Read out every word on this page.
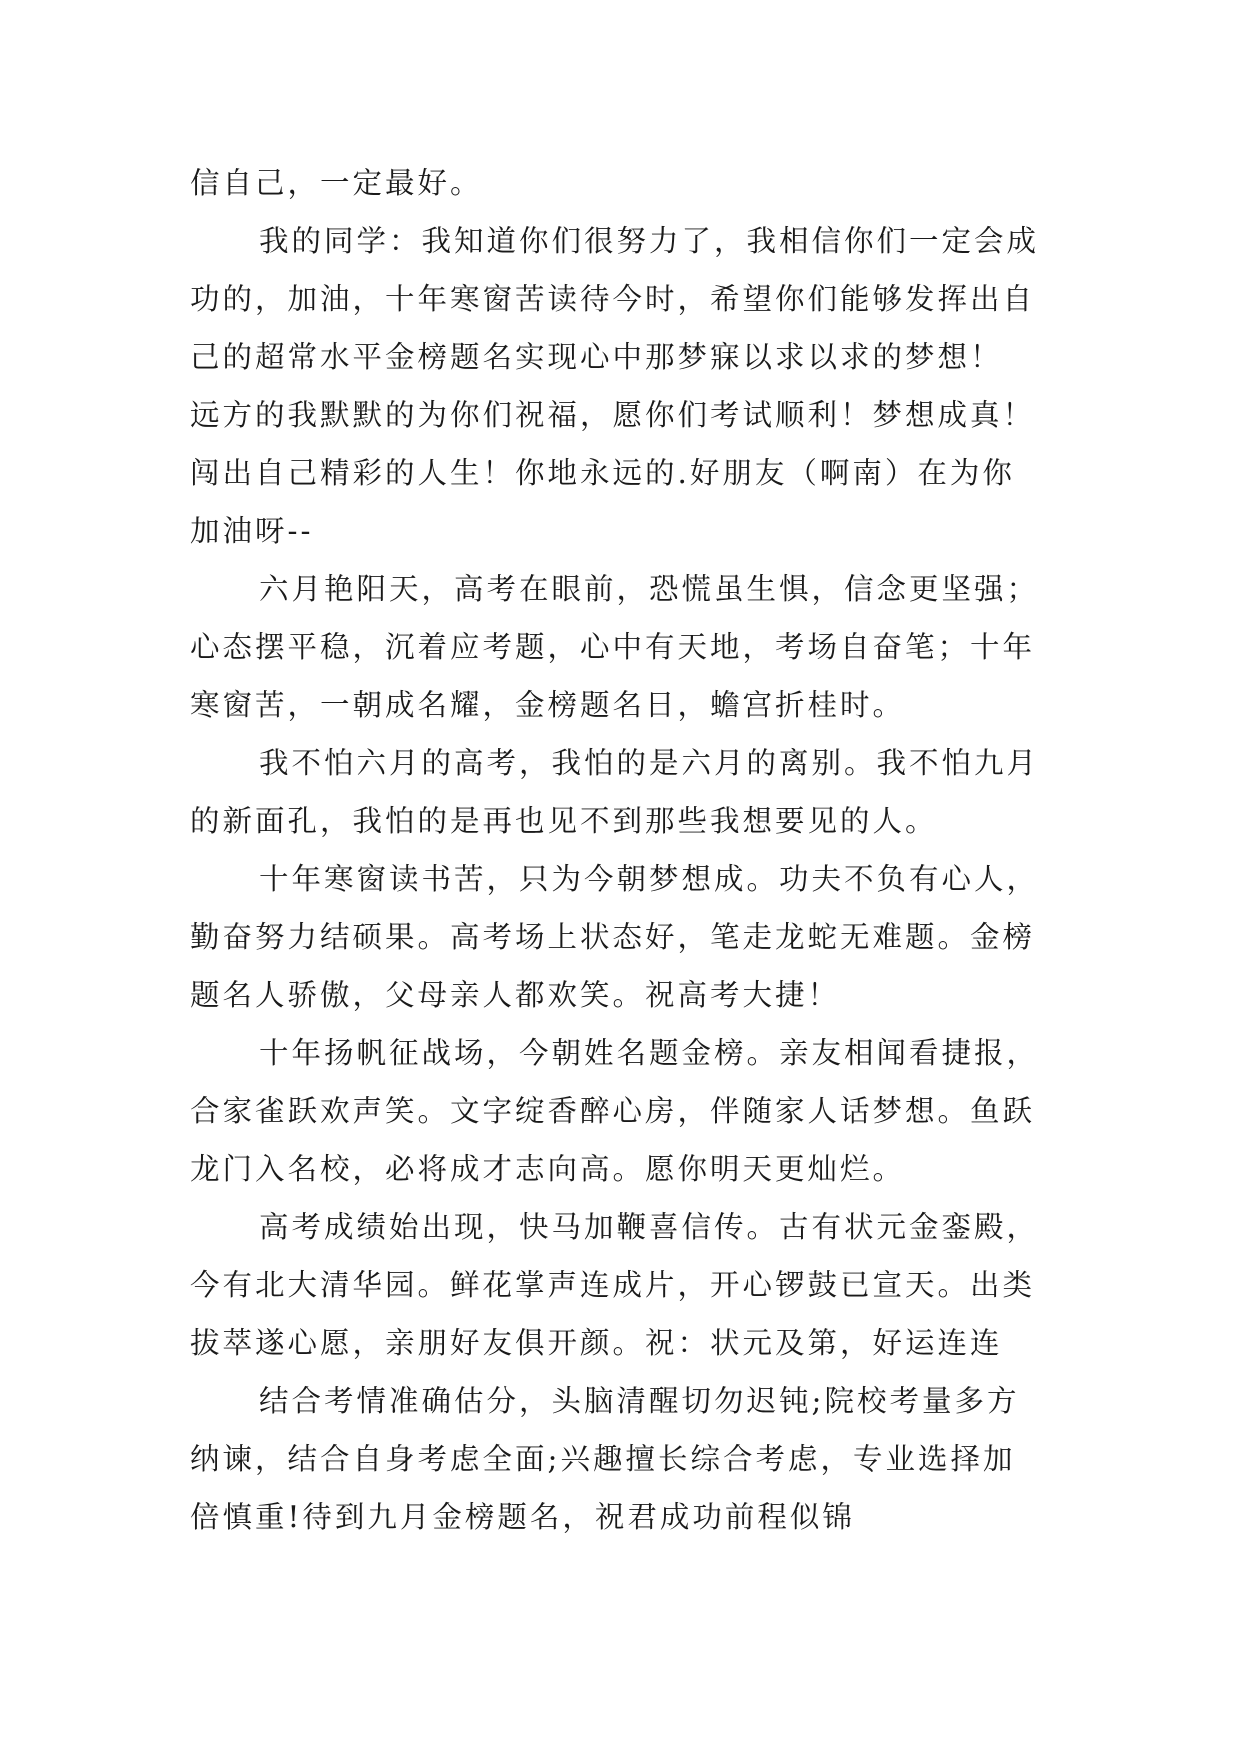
信自己，一定最好。
我的同学：我知道你们很努力了，我相信你们一定会成
功的，加油，十年寒窗苦读待今时，希望你们能够发挥出自
己的超常水平金榜题名实现心中那梦寐以求以求的梦想！
远方的我默默的为你们祝福，愿你们考试顺利！梦想成真！
闯出自己精彩的人生！你地永远的.好朋友（啊南）在为你
加油呀--
六月艳阳天，高考在眼前，恐慌虽生惧，信念更坚强；
心态摆平稳，沉着应考题，心中有天地，考场自奋笔；十年
寒窗苦，一朝成名耀，金榜题名日，蟾宫折桂时。
我不怕六月的高考，我怕的是六月的离别。我不怕九月
的新面孔，我怕的是再也见不到那些我想要见的人。
十年寒窗读书苦，只为今朝梦想成。功夫不负有心人，
勤奋努力结硕果。高考场上状态好，笔走龙蛇无难题。金榜
题名人骄傲，父母亲人都欢笑。祝高考大捷！
十年扬帆征战场，今朝姓名题金榜。亲友相闻看捷报，
合家雀跃欢声笑。文字绽香醉心房，伴随家人话梦想。鱼跃
龙门入名校，必将成才志向高。愿你明天更灿烂。
高考成绩始出现，快马加鞭喜信传。古有状元金銮殿，
今有北大清华园。鲜花掌声连成片，开心锣鼓已宣天。出类
拔萃遂心愿，亲朋好友俱开颜。祝：状元及第，好运连连
结合考情准确估分，头脑清醒切勿迟钝;院校考量多方
纳谏，结合自身考虑全面;兴趣擅长综合考虑，专业选择加
倍慎重!待到九月金榜题名，祝君成功前程似锦
